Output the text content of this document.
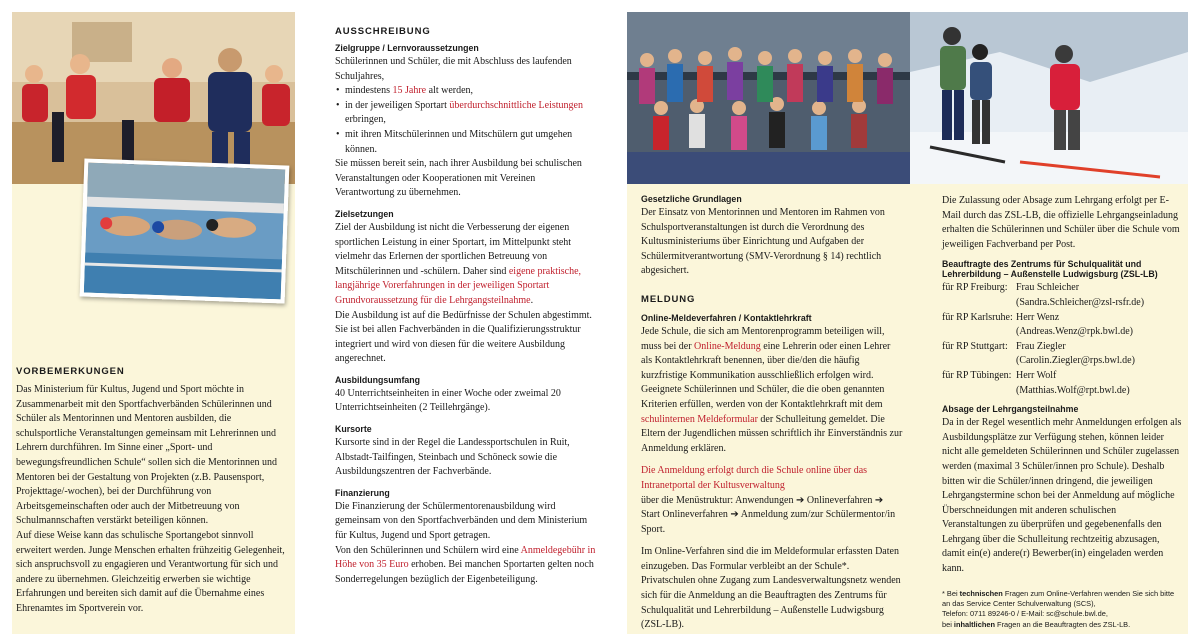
VORBEMERKUNGEN

Das Ministerium für Kultus, Jugend und Sport möchte in Zusammenarbeit mit den Sportfachverbänden Schülerinnen und Schüler als Mentorinnen und Mentoren ausbilden, die schulsportliche Veranstaltungen gemeinsam mit Lehrerinnen und Lehrern durchführen. Im Sinne einer „Sport- und bewegungsfreundlichen Schule“ sollen sich die Mentorinnen und Mentoren bei der Gestaltung von Projekten (z.B. Pausensport, Projekttage/-wochen), bei der Durchführung von Arbeitsgemeinschaften oder auch der Mitbetreuung von Schulmannschaften verstärkt beteiligen können.

Auf diese Weise kann das schulische Sportangebot sinnvoll erweitert werden. Junge Menschen erhalten frühzeitig Gelegenheit, sich anspruchsvoll zu engagieren und Verantwortung für sich und andere zu übernehmen. Gleichzeitig erwerben sie wichtige Erfahrungen und bereiten sich damit auf die Übernahme eines Ehrenamtes im Sportverein vor.

AUSSCHREIBUNG
Zielgruppe / Lernvoraussetzungen

Schülerinnen und Schüler, die mit Abschluss des laufenden Schuljahres,

• mindestens 15 Jahre alt werden,
• in der jeweiligen Sportart überdurchschnittliche Leistungen erbringen,
• mit ihren Mitschülerinnen und Mitschülern gut umgehen können.

Sie müssen bereit sein, nach ihrer Ausbildung bei schulischen Veranstaltungen oder Kooperationen mit Vereinen Verantwortung zu übernehmen.

Zielsetzungen

Ziel der Ausbildung ist nicht die Verbesserung der eigenen sportlichen Leistung in einer Sportart, im Mittelpunkt steht vielmehr das Erlernen der sportlichen Betreuung von Mitschülerinnen und -schülern. Daher sind eigene praktische, langjährige Vorerfahrungen in der jeweiligen Sportart Grundvoraussetzung für die Lehrgangsteilnahme.

Die Ausbildung ist auf die Bedürfnisse der Schulen abgestimmt. Sie ist bei allen Fachverbänden in die Qualifizierungsstruktur integriert und wird von diesen für die weitere Ausbildung angerechnet.

Ausbildungsumfang

40 Unterrichtseinheiten in einer Woche oder zweimal 20 Unterrichtseinheiten (2 Teillehrgänge).

Kursorte

Kursorte sind in der Regel die Landessportschulen in Ruit, Albstadt-Tailfingen, Steinbach und Schöneck sowie die Ausbildungszentren der Fachverbände.

Finanzierung

Die Finanzierung der Schülermentorenausbildung wird gemeinsam von den Sportfachverbänden und dem Ministerium für Kultus, Jugend und Sport getragen.

Von den Schülerinnen und Schülern wird eine Anmeldegebühr in Höhe von 35 Euro erhoben. Bei manchen Sportarten gelten noch Sonderregelungen bezüglich der Eigenbeteiligung.

Gesetzliche Grundlagen

Der Einsatz von Mentorinnen und Mentoren im Rahmen von Schulsportveranstaltungen ist durch die Verordnung des Kultusministeriums über Einrichtung und Aufgaben der Schülermitverantwortung (SMV-Verordnung § 14) rechtlich abgesichert.

MELDUNG
Online-Meldeverfahren / Kontaktlehrkraft

Jede Schule, die sich am Mentorenprogramm beteiligen will, muss bei der Online-Meldung eine Lehrerin oder einen Lehrer als Kontaktlehrkraft benennen, über die/den die häufig kurzfristige Kommunikation ausschließlich erfolgen wird. Geeignete Schülerinnen und Schüler, die die oben genannten Kriterien erfüllen, werden von der Kontaktlehrkraft mit dem schulinternen Meldeformular der Schulleitung gemeldet. Die Eltern der Jugendlichen müssen schriftlich ihr Einverständnis zur Anmeldung erklären.

Die Anmeldung erfolgt durch die Schule online über das Intranetportal der Kultusverwaltung

über die Menüstruktur: Anwendungen ➔ Onlineverfahren ➔ Start Onlineverfahren ➔ Anmeldung zum/zur Schülermentor/in Sport.

Im Online-Verfahren sind die im Meldeformular erfassten Daten einzugeben. Das Formular verbleibt an der Schule*. Privatschulen ohne Zugang zum Landesverwaltungsnetz wenden sich für die Anmeldung an die Beauftragten des Zentrums für Schulqualität und Lehrerbildung – Außenstelle Ludwigsburg (ZSL-LB).

Die Zulassung oder Absage zum Lehrgang erfolgt per E-Mail durch das ZSL-LB, die offizielle Lehrgangseinladung erhalten die Schülerinnen und Schüler über die Schule vom jeweiligen Fachverband per Post.

Beauftragte des Zentrums für Schulqualität und Lehrerbildung – Außenstelle Ludwigsburg (ZSL-LB)
für RP Freiburg: Frau Schleicher
(Sandra.Schleicher@zsl-rsfr.de)
für RP Karlsruhe: Herr Wenz
(Andreas.Wenz@rpk.bwl.de)
für RP Stuttgart: Frau Ziegler
(Carolin.Ziegler@rps.bwl.de)
für RP Tübingen: Herr Wolf
(Matthias.Wolf@rpt.bwl.de)
Absage der Lehrgangsteilnahme

Da in der Regel wesentlich mehr Anmeldungen erfolgen als Ausbildungsplätze zur Verfügung stehen, können leider nicht alle gemeldeten Schülerinnen und Schüler zugelassen werden (maximal 3 Schüler/innen pro Schule). Deshalb bitten wir die Schüler/innen dringend, die jeweiligen Lehrgangstermine schon bei der Anmeldung auf mögliche Überschneidungen mit anderen schulischen Veranstaltungen zu überprüfen und gegebenenfalls den Lehrgang über die Schulleitung rechtzeitig abzusagen, damit ein(e) andere(r) Bewerber(in) eingeladen werden kann.

* Bei technischen Fragen zum Online-Verfahren wenden Sie sich bitte an das Service Center Schulverwaltung (SCS),
Telefon: 0711 89246-0 / E-Mail: sc@schule.bwl.de,
bei inhaltlichen Fragen an die Beauftragten des ZSL-LB.
